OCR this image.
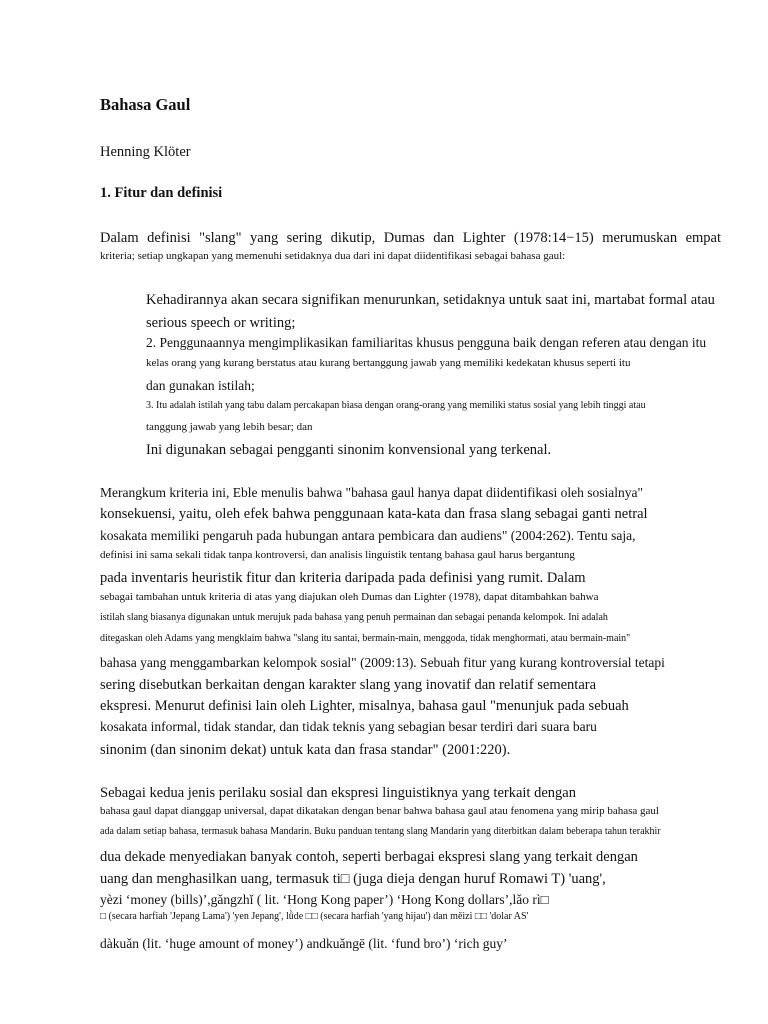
Bahasa Gaul

Henning Klöter

1. Fitur dan definisi

Dalam definisi "slang" yang sering dikutip, Dumas dan Lighter (1978:14−15) merumuskan empat

kriteria; setiap ungkapan yang memenuhi setidaknya dua dari ini dapat diidentifikasi sebagai bahasa gaul:

Kehadirannya akan secara signifikan menurunkan, setidaknya untuk saat ini, martabat formal atau

serious speech or writing;

2. Penggunaannya mengimplikasikan familiaritas khusus pengguna baik dengan referen atau dengan itu

kelas orang yang kurang berstatus atau kurang bertanggung jawab yang memiliki kedekatan khusus seperti itu

dan gunakan istilah;

3. Itu adalah istilah yang tabu dalam percakapan biasa dengan orang-orang yang memiliki status sosial yang lebih tinggi atau

tanggung jawab yang lebih besar; dan

Ini digunakan sebagai pengganti sinonim konvensional yang terkenal.

Merangkum kriteria ini, Eble menulis bahwa "bahasa gaul hanya dapat diidentifikasi oleh sosialnya"

konsekuensi, yaitu, oleh efek bahwa penggunaan kata-kata dan frasa slang sebagai ganti netral

kosakata memiliki pengaruh pada hubungan antara pembicara dan audiens" (2004:262). Tentu saja,

definisi ini sama sekali tidak tanpa kontroversi, dan analisis linguistik tentang bahasa gaul harus bergantung

pada inventaris heuristik fitur dan kriteria daripada pada definisi yang rumit. Dalam

sebagai tambahan untuk kriteria di atas yang diajukan oleh Dumas dan Lighter (1978), dapat ditambahkan bahwa

istilah slang biasanya digunakan untuk merujuk pada bahasa yang penuh permainan dan sebagai penanda kelompok. Ini adalah

ditegaskan oleh Adams yang mengklaim bahwa "slang itu santai, bermain-main, menggoda, tidak menghormati, atau bermain-main"

bahasa yang menggambarkan kelompok sosial" (2009:13). Sebuah fitur yang kurang kontroversial tetapi

sering disebutkan berkaitan dengan karakter slang yang inovatif dan relatif sementara

ekspresi. Menurut definisi lain oleh Lighter, misalnya, bahasa gaul "menunjuk pada sebuah

kosakata informal, tidak standar, dan tidak teknis yang sebagian besar terdiri dari suara baru

sinonim (dan sinonim dekat) untuk kata dan frasa standar" (2001:220).

Sebagai kedua jenis perilaku sosial dan ekspresi linguistiknya yang terkait dengan

bahasa gaul dapat dianggap universal, dapat dikatakan dengan benar bahwa bahasa gaul atau fenomena yang mirip bahasa gaul

ada dalam setiap bahasa, termasuk bahasa Mandarin. Buku panduan tentang slang Mandarin yang diterbitkan dalam beberapa tahun terakhir

dua dekade menyediakan banyak contoh, seperti berbagai ekspresi slang yang terkait dengan

uang dan menghasilkan uang, termasuk ti□ (juga dieja dengan huruf Romawi T) 'uang',

yèzi ‘money (bills)’,gǎngzhǐ ( lit. ‘Hong Kong paper’) ‘Hong Kong dollars’,lǎo rì□

□ (secara harfiah 'Jepang Lama') 'yen Jepang', lǜde □□ (secara harfiah 'yang hijau') dan měizi □□ 'dolar AS'

dàkuǎn (lit. ‘huge amount of money’) andkuǎngē (lit. ‘fund bro’) ‘rich guy’
